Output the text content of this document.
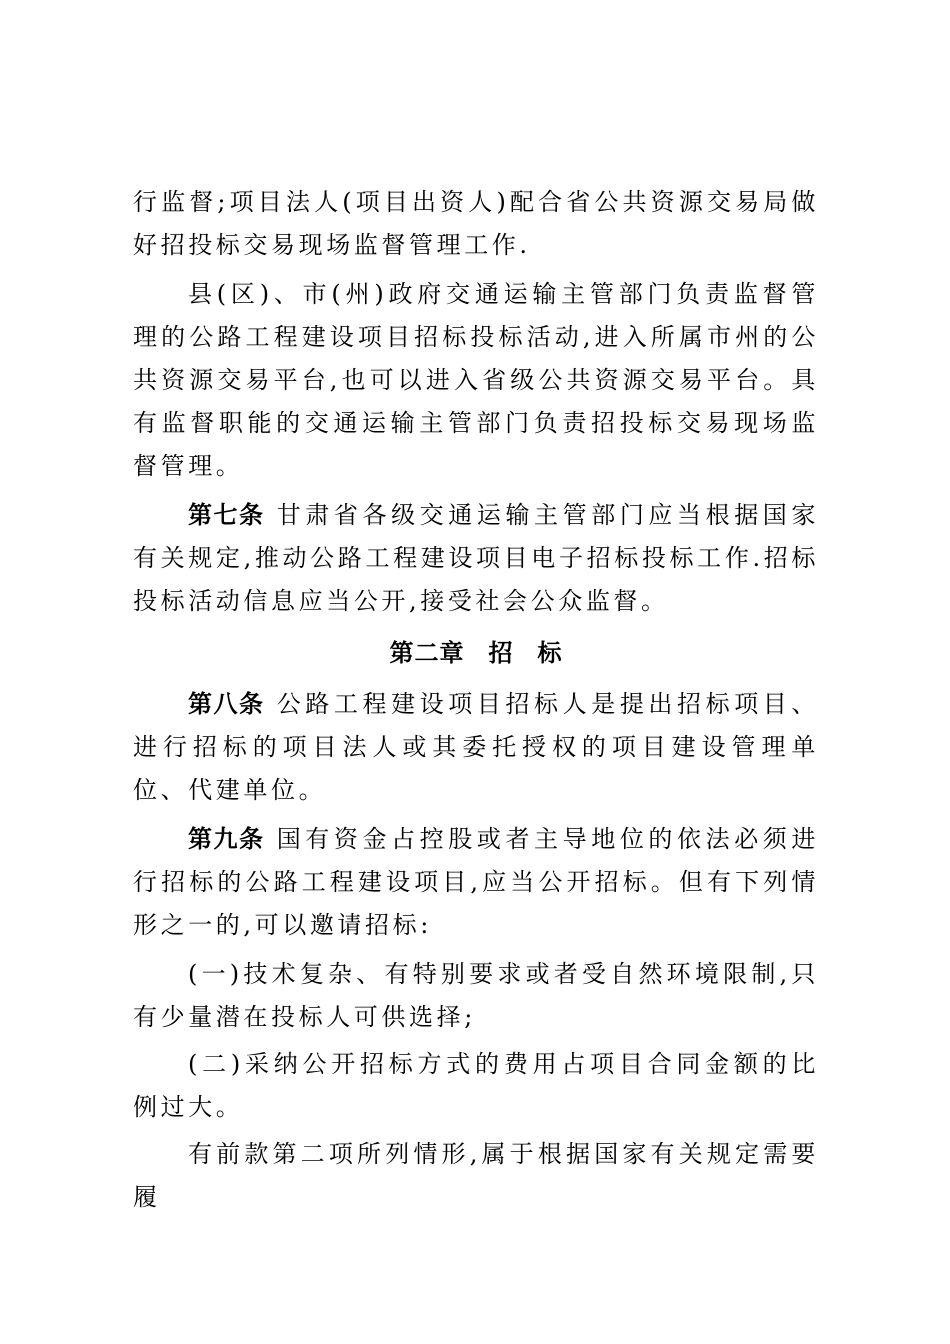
行监督;项目法人(项目出资人)配合省公共资源交易局做好招投标交易现场监督管理工作.

县(区)、市(州)政府交通运输主管部门负责监督管理的公路工程建设项目招标投标活动,进入所属市州的公共资源交易平台,也可以进入省级公共资源交易平台。具有监督职能的交通运输主管部门负责招投标交易现场监督管理。

第七条 甘肃省各级交通运输主管部门应当根据国家有关规定,推动公路工程建设项目电子招标投标工作.招标投标活动信息应当公开,接受社会公众监督。

第二章 招 标

第八条 公路工程建设项目招标人是提出招标项目、进行招标的项目法人或其委托授权的项目建设管理单位、代建单位。

第九条 国有资金占控股或者主导地位的依法必须进行招标的公路工程建设项目,应当公开招标。但有下列情形之一的,可以邀请招标:

(一)技术复杂、有特别要求或者受自然环境限制,只有少量潜在投标人可供选择;

(二)采纳公开招标方式的费用占项目合同金额的比例过大。

有前款第二项所列情形,属于根据国家有关规定需要履
